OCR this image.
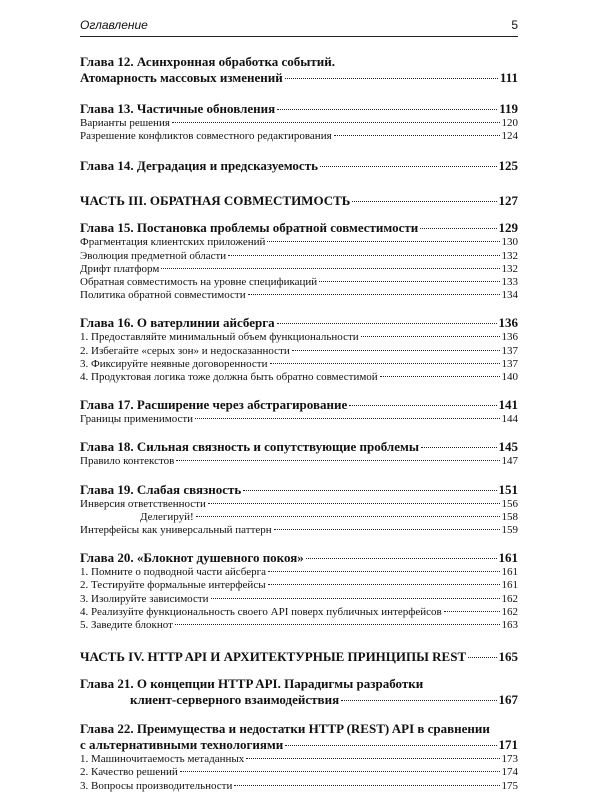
Оглавление	5
Глава 12. Асинхронная обработка событий.
Атомарность массовых изменений	111
Глава 13. Частичные обновления	119
Варианты решения	120
Разрешение конфликтов совместного редактирования	124
Глава 14. Деградация и предсказуемость	125
ЧАСТЬ III. ОБРАТНАЯ СОВМЕСТИМОСТЬ	127
Глава 15. Постановка проблемы обратной совместимости	129
Фрагментация клиентских приложений	130
Эволюция предметной области	132
Дрифт платформ	132
Обратная совместимость на уровне спецификаций	133
Политика обратной совместимости	134
Глава 16. О ватерлинии айсберга	136
1. Предоставляйте минимальный объем функциональности	136
2. Избегайте «серых зон» и недосказанности	137
3. Фиксируйте неявные договоренности	137
4. Продуктовая логика тоже должна быть обратно совместимой	140
Глава 17. Расширение через абстрагирование	141
Границы применимости	144
Глава 18. Сильная связность и сопутствующие проблемы	145
Правило контекстов	147
Глава 19. Слабая связность	151
Инверсия ответственности	156
Делегируй!	158
Интерфейсы как универсальный паттерн	159
Глава 20. «Блокнот душевного покоя»	161
1. Помните о подводной части айсберга	161
2. Тестируйте формальные интерфейсы	161
3. Изолируйте зависимости	162
4. Реализуйте функциональность своего API поверх публичных интерфейсов	162
5. Заведите блокнот	163
ЧАСТЬ IV. HTTP API И АРХИТЕКТУРНЫЕ ПРИНЦИПЫ REST 165
Глава 21. О концепции HTTP API. Парадигмы разработки
клиент-серверного взаимодействия	167
Глава 22. Преимущества и недостатки HTTP (REST) API в сравнении
с альтернативными технологиями	171
1. Машиночитаемость метаданных	173
2. Качество решений	174
3. Вопросы производительности	175
